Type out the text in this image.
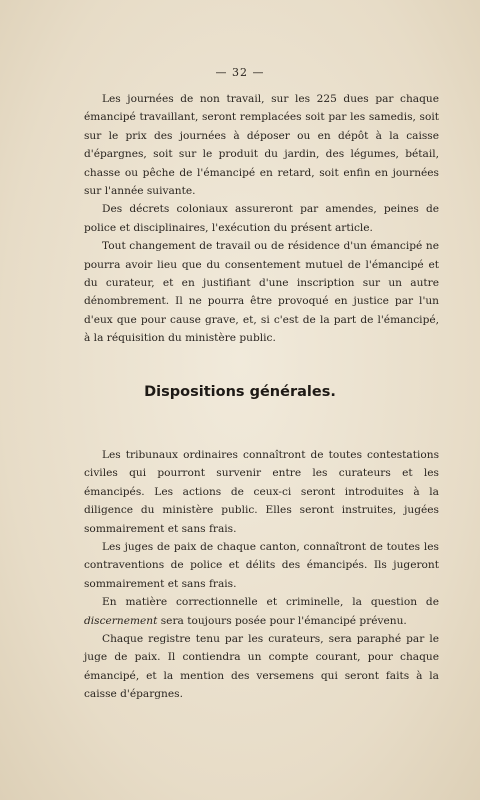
— 32 —

Les journées de non travail, sur les 225 dues par chaque émancipé travaillant, seront remplacées soit par les samedis, soit sur le prix des journées à déposer ou en dépôt à la caisse d'épargnes, soit sur le produit du jardin, des légumes, bétail, chasse ou pêche de l'émancipé en retard, soit enfin en journées sur l'année suivante.

Des décrets coloniaux assureront par amendes, peines de police et disciplinaires, l'exécution du présent article.

Tout changement de travail ou de résidence d'un émancipé ne pourra avoir lieu que du consentement mutuel de l'émancipé et du curateur, et en justifiant d'une inscription sur un autre dénombrement. Il ne pourra être provoqué en justice par l'un d'eux que pour cause grave, et, si c'est de la part de l'émancipé, à la réquisition du ministère public.

Dispositions générales.

Les tribunaux ordinaires connaîtront de toutes contestations civiles qui pourront survenir entre les curateurs et les émancipés. Les actions de ceux-ci seront introduites à la diligence du ministère public. Elles seront instruites, jugées sommairement et sans frais.

Les juges de paix de chaque canton, connaîtront de toutes les contraventions de police et délits des émancipés. Ils jugeront sommairement et sans frais.

En matière correctionnelle et criminelle, la question de discernement sera toujours posée pour l'émancipé prévenu.

Chaque registre tenu par les curateurs, sera paraphé par le juge de paix. Il contiendra un compte courant, pour chaque émancipé, et la mention des versemens qui seront faits à la caisse d'épargnes.
